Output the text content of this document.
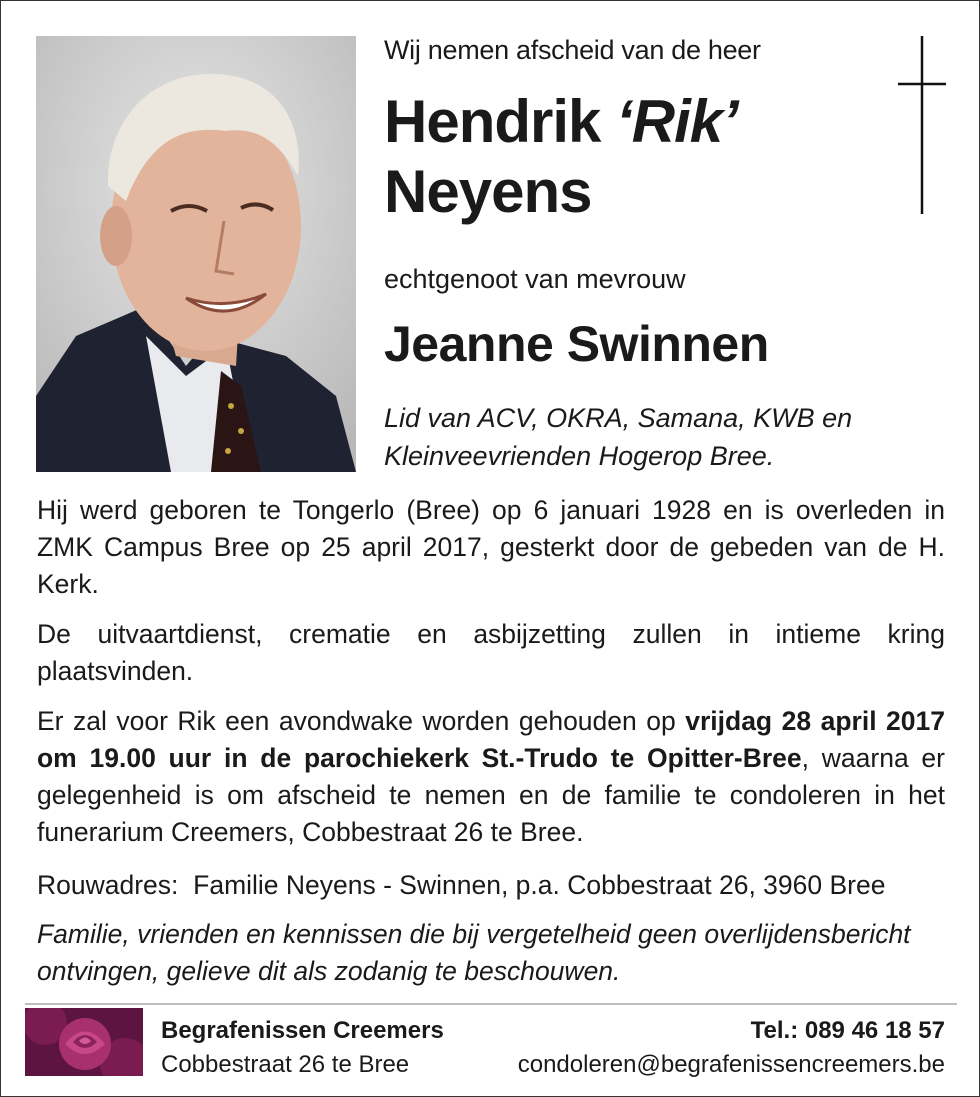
Wij nemen afscheid van de heer
Hendrik ‘Rik’
Neyens
echtgenoot van mevrouw
Jeanne Swinnen
Lid van ACV, OKRA, Samana, KWB en Kleinveevrienden Hogerop Bree.
Hij werd geboren te Tongerlo (Bree) op 6 januari 1928 en is overleden in ZMK Campus Bree op 25 april 2017, gesterkt door de gebeden van de H. Kerk.
De uitvaartdienst, crematie en asbijzetting zullen in intieme kring plaatsvinden.
Er zal voor Rik een avondwake worden gehouden op vrijdag 28 april 2017 om 19.00 uur in de parochiekerk St.-Trudo te Opitter-Bree, waarna er gelegenheid is om afscheid te nemen en de familie te condoleren in het funerarium Creemers, Cobbestraat 26 te Bree.
Rouwadres: Familie Neyens - Swinnen, p.a. Cobbestraat 26, 3960 Bree
Familie, vrienden en kennissen die bij vergetelheid geen overlijdensbericht ontvingen, gelieve dit als zodanig te beschouwen.
Begrafenissen Creemers
Cobbestraat 26 te Bree
Tel.: 089 46 18 57
condoleren@begrafenissencreemers.be
